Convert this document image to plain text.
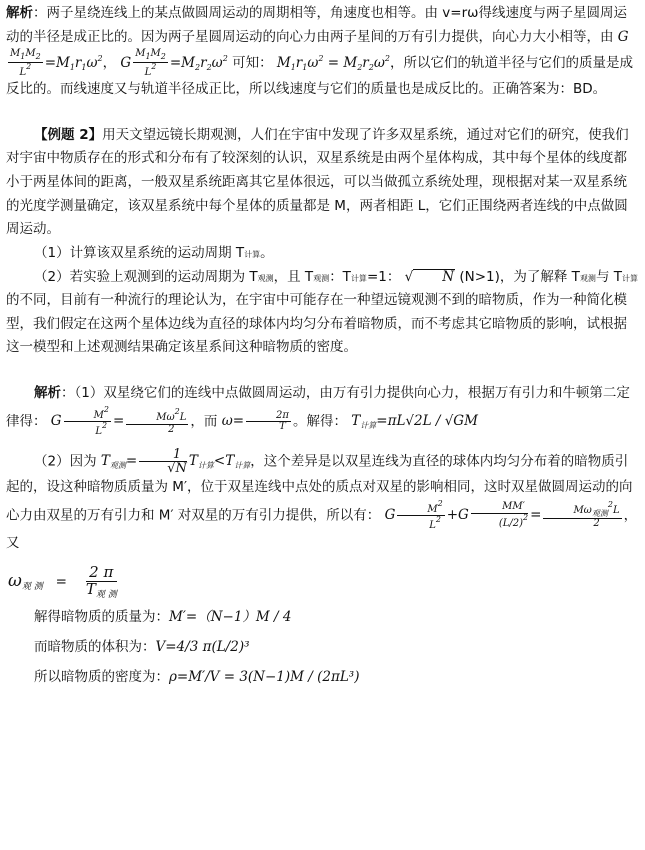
解析：两子星绕连线上的某点做圆周运动的周期相等，角速度也相等。由 v=rω得线速度与两子星圆周运动的半径是成正比的。因为两子星圆周运动的向心力由两子星间的万有引力提供，向心力大小相等，由 G
$\frac{M_1M_2}{L^2} =M_1r_1\omega^2$， G $\frac{M_1M_2}{L^2} =M_2r_2\omega^2$ 可知： $M_1r_1\omega^2 = M_2r_2\omega^2$，所以它们的轨道半径与它们的质量是成反比的。而线速度又与轨道半径成正比，所以线速度与它们的质量也是成反比的。正确答案为：BD。

【例题 2】用天文望远镜长期观测，人们在宇宙中发现了许多双星系统，通过对它们的研究，使我们对宇宙中物质存在的形式和分布有了较深刻的认识，双星系统是由两个星体构成，其中每个星体的线度都小于两星体间的距离，一般双星系统距离其它星体很远，可以当做孤立系统处理，现根据对某一双星系统的光度学测量确定，该双星系统中每个星体的质量都是 M，两者相距 L，它们正围绕两者连线的中点做圆周运动。

（1）计算该双星系统的运动周期 T计算。

（2）若实验上观测到的运动周期为 T观测，且 T观测：T计算=1： √ N (N>1)，为了解释 T观测与 T计算的不同，目前有一种流行的理论认为，在宇宙中可能存在一种望远镜观测不到的暗物质，作为一种简化模型，我们假定在这两个星体边线为直径的球体内均匀分布着暗物质，而不考虑其它暗物质的影响，试根据这一模型和上述观测结果确定该星系间这种暗物质的密度。

解析：（1）双星绕它们的连线中点做圆周运动，由万有引力提供向心力，根据万有引力和牛顿第二定律得： G $\frac{M^2}{L^2} = \frac{M\omega^2L}{2}$ ，而 $\omega= \frac{2\pi}{T}$ 。解得： $T_{计算}=\pi L√2L / √GM$

（2）因为 $T_{观测}= \frac{1}{√N} T_{计算}<T_{计算}$，这个差异是以双星连线为直径的球体内均匀分布着的暗物质引起的，设这种暗物质质量为 M′，位于双星连线中点处的质点对双星的影响相同，这时双星做圆周运动的向心力由双星的万有引力和 M′ 对双星的万有引力提供，所以有： G $\frac{M^2}{L^2} +G \frac{MM'}{(L/2)^2} = \frac{M\omega_{观测}^2L}{2}$ ，又

$\omega_{观 测} = \frac{2 \pi}{T_{观 测}}$

解得暗物质的质量为：M′=（N−1）M / 4

而暗物质的体积为：V=4/3 π(L/2)³

所以暗物质的密度为：ρ=M′/V = 3(N−1)M / (2πL³)
